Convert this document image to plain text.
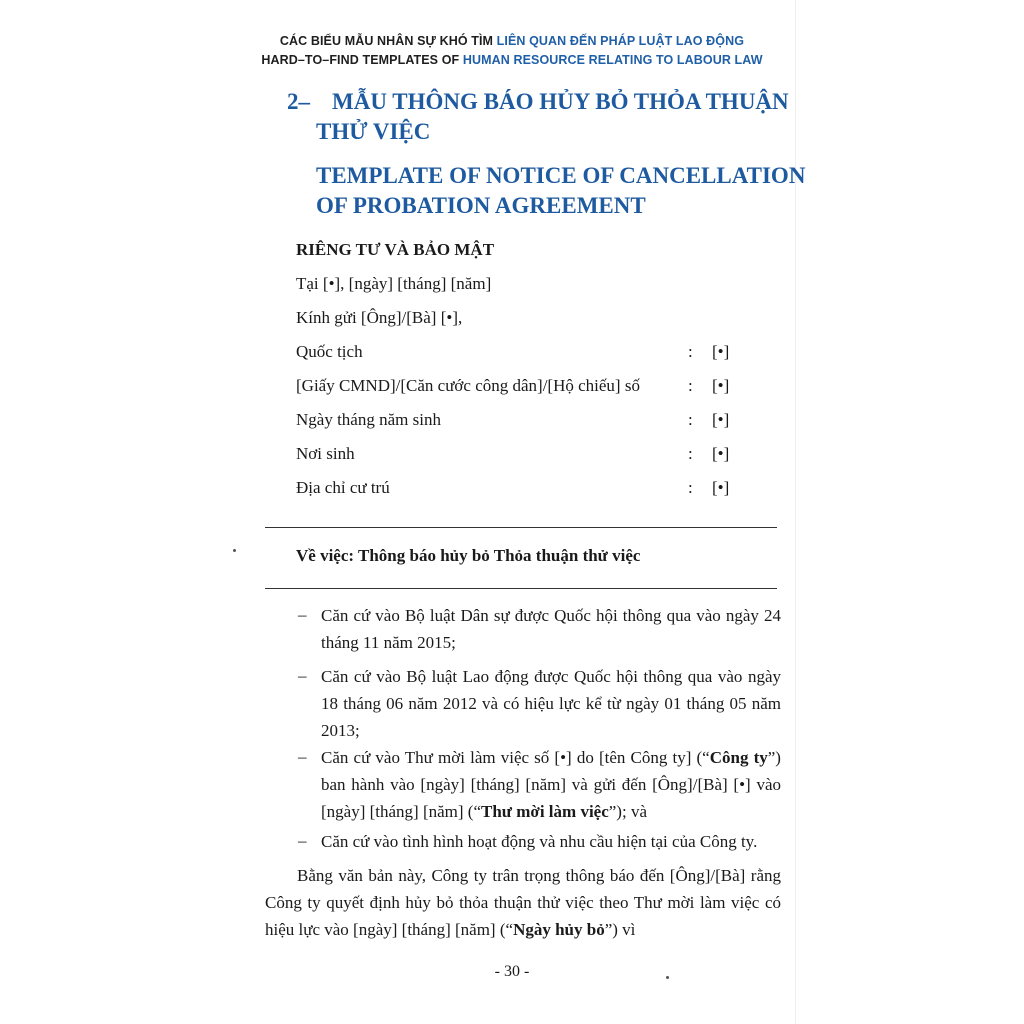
CÁC BIỂU MẪU NHÂN SỰ KHÓ TÌM LIÊN QUAN ĐẾN PHÁP LUẬT LAO ĐỘNG
HARD–TO–FIND TEMPLATES OF HUMAN RESOURCE RELATING TO LABOUR LAW
2– MẪU THÔNG BÁO HỦY BỎ THỎA THUẬN
THỬ VIỆC
TEMPLATE OF NOTICE OF CANCELLATION
OF PROBATION AGREEMENT
RIÊNG TƯ VÀ BẢO MẬT
Tại [•], [ngày] [tháng] [năm]
Kính gửi [Ông]/[Bà] [•],
Quốc tịch	: [•]
[Giấy CMND]/[Căn cước công dân]/[Hộ chiếu] số	: [•]
Ngày tháng năm sinh	: [•]
Nơi sinh	: [•]
Địa chỉ cư trú	: [•]
Về việc: Thông báo hủy bỏ Thỏa thuận thử việc
– Căn cứ vào Bộ luật Dân sự được Quốc hội thông qua vào ngày 24 tháng 11 năm 2015;
– Căn cứ vào Bộ luật Lao động được Quốc hội thông qua vào ngày 18 tháng 06 năm 2012 và có hiệu lực kể từ ngày 01 tháng 05 năm 2013;
– Căn cứ vào Thư mời làm việc số [•] do [tên Công ty] (“Công ty”) ban hành vào [ngày] [tháng] [năm] và gửi đến [Ông]/[Bà] [•] vào [ngày] [tháng] [năm] (“Thư mời làm việc”); và
– Căn cứ vào tình hình hoạt động và nhu cầu hiện tại của Công ty.
Bằng văn bản này, Công ty trân trọng thông báo đến [Ông]/[Bà] rằng Công ty quyết định hủy bỏ thỏa thuận thử việc theo Thư mời làm việc có hiệu lực vào [ngày] [tháng] [năm] (“Ngày hủy bỏ”) vì
- 30 -
